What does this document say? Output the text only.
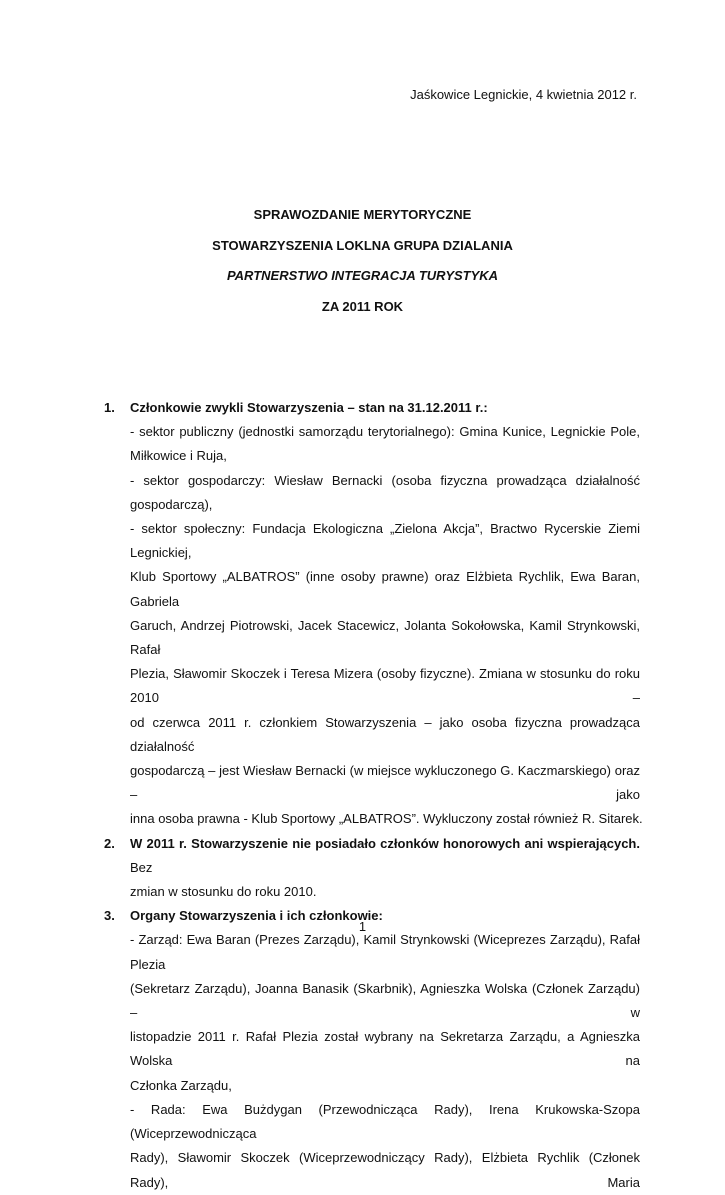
Jaśkowice Legnickie, 4 kwietnia 2012 r.
SPRAWOZDANIE MERYTORYCZNE
STOWARZYSZENIA LOKLNA GRUPA DZIALANIA
PARTNERSTWO INTEGRACJA TURYSTYKA
ZA 2011 ROK
1. Członkowie zwykli Stowarzyszenia – stan na 31.12.2011 r.:
- sektor publiczny (jednostki samorządu terytorialnego): Gmina Kunice, Legnickie Pole,
Miłkowice i Ruja,
- sektor gospodarczy: Wiesław Bernacki (osoba fizyczna prowadząca działalność
gospodarczą),
- sektor społeczny: Fundacja Ekologiczna „Zielona Akcja”, Bractwo Rycerskie Ziemi Legnickiej,
Klub Sportowy „ALBATROS” (inne osoby prawne) oraz Elżbieta Rychlik, Ewa Baran, Gabriela
Garuch, Andrzej Piotrowski, Jacek Stacewicz, Jolanta Sokołowska, Kamil Strynkowski, Rafał
Plezia, Sławomir Skoczek i Teresa Mizera (osoby fizyczne). Zmiana w stosunku do roku 2010 –
od czerwca 2011 r. członkiem Stowarzyszenia – jako osoba fizyczna prowadząca działalność
gospodarczą – jest Wiesław Bernacki (w miejsce wykluczonego G. Kaczmarskiego) oraz – jako
inna osoba prawna - Klub Sportowy „ALBATROS”. Wykluczony został również R. Sitarek.
2. W 2011 r. Stowarzyszenie nie posiadało członków honorowych ani wspierających. Bez
zmian w stosunku do roku 2010.
3. Organy Stowarzyszenia i ich członkowie:
- Zarząd: Ewa Baran (Prezes Zarządu), Kamil Strynkowski (Wiceprezes Zarządu), Rafał Plezia
(Sekretarz Zarządu), Joanna Banasik (Skarbnik), Agnieszka Wolska (Członek Zarządu) – w
listopadzie 2011 r. Rafał Plezia został wybrany na Sekretarza Zarządu, a Agnieszka Wolska na
Członka Zarządu,
- Rada: Ewa Bużdygan (Przewodnicząca Rady), Irena Krukowska-Szopa (Wiceprzewodnicząca
Rady), Sławomir Skoczek (Wiceprzewodniczący Rady), Elżbieta Rychlik (Członek Rady), Maria
1
